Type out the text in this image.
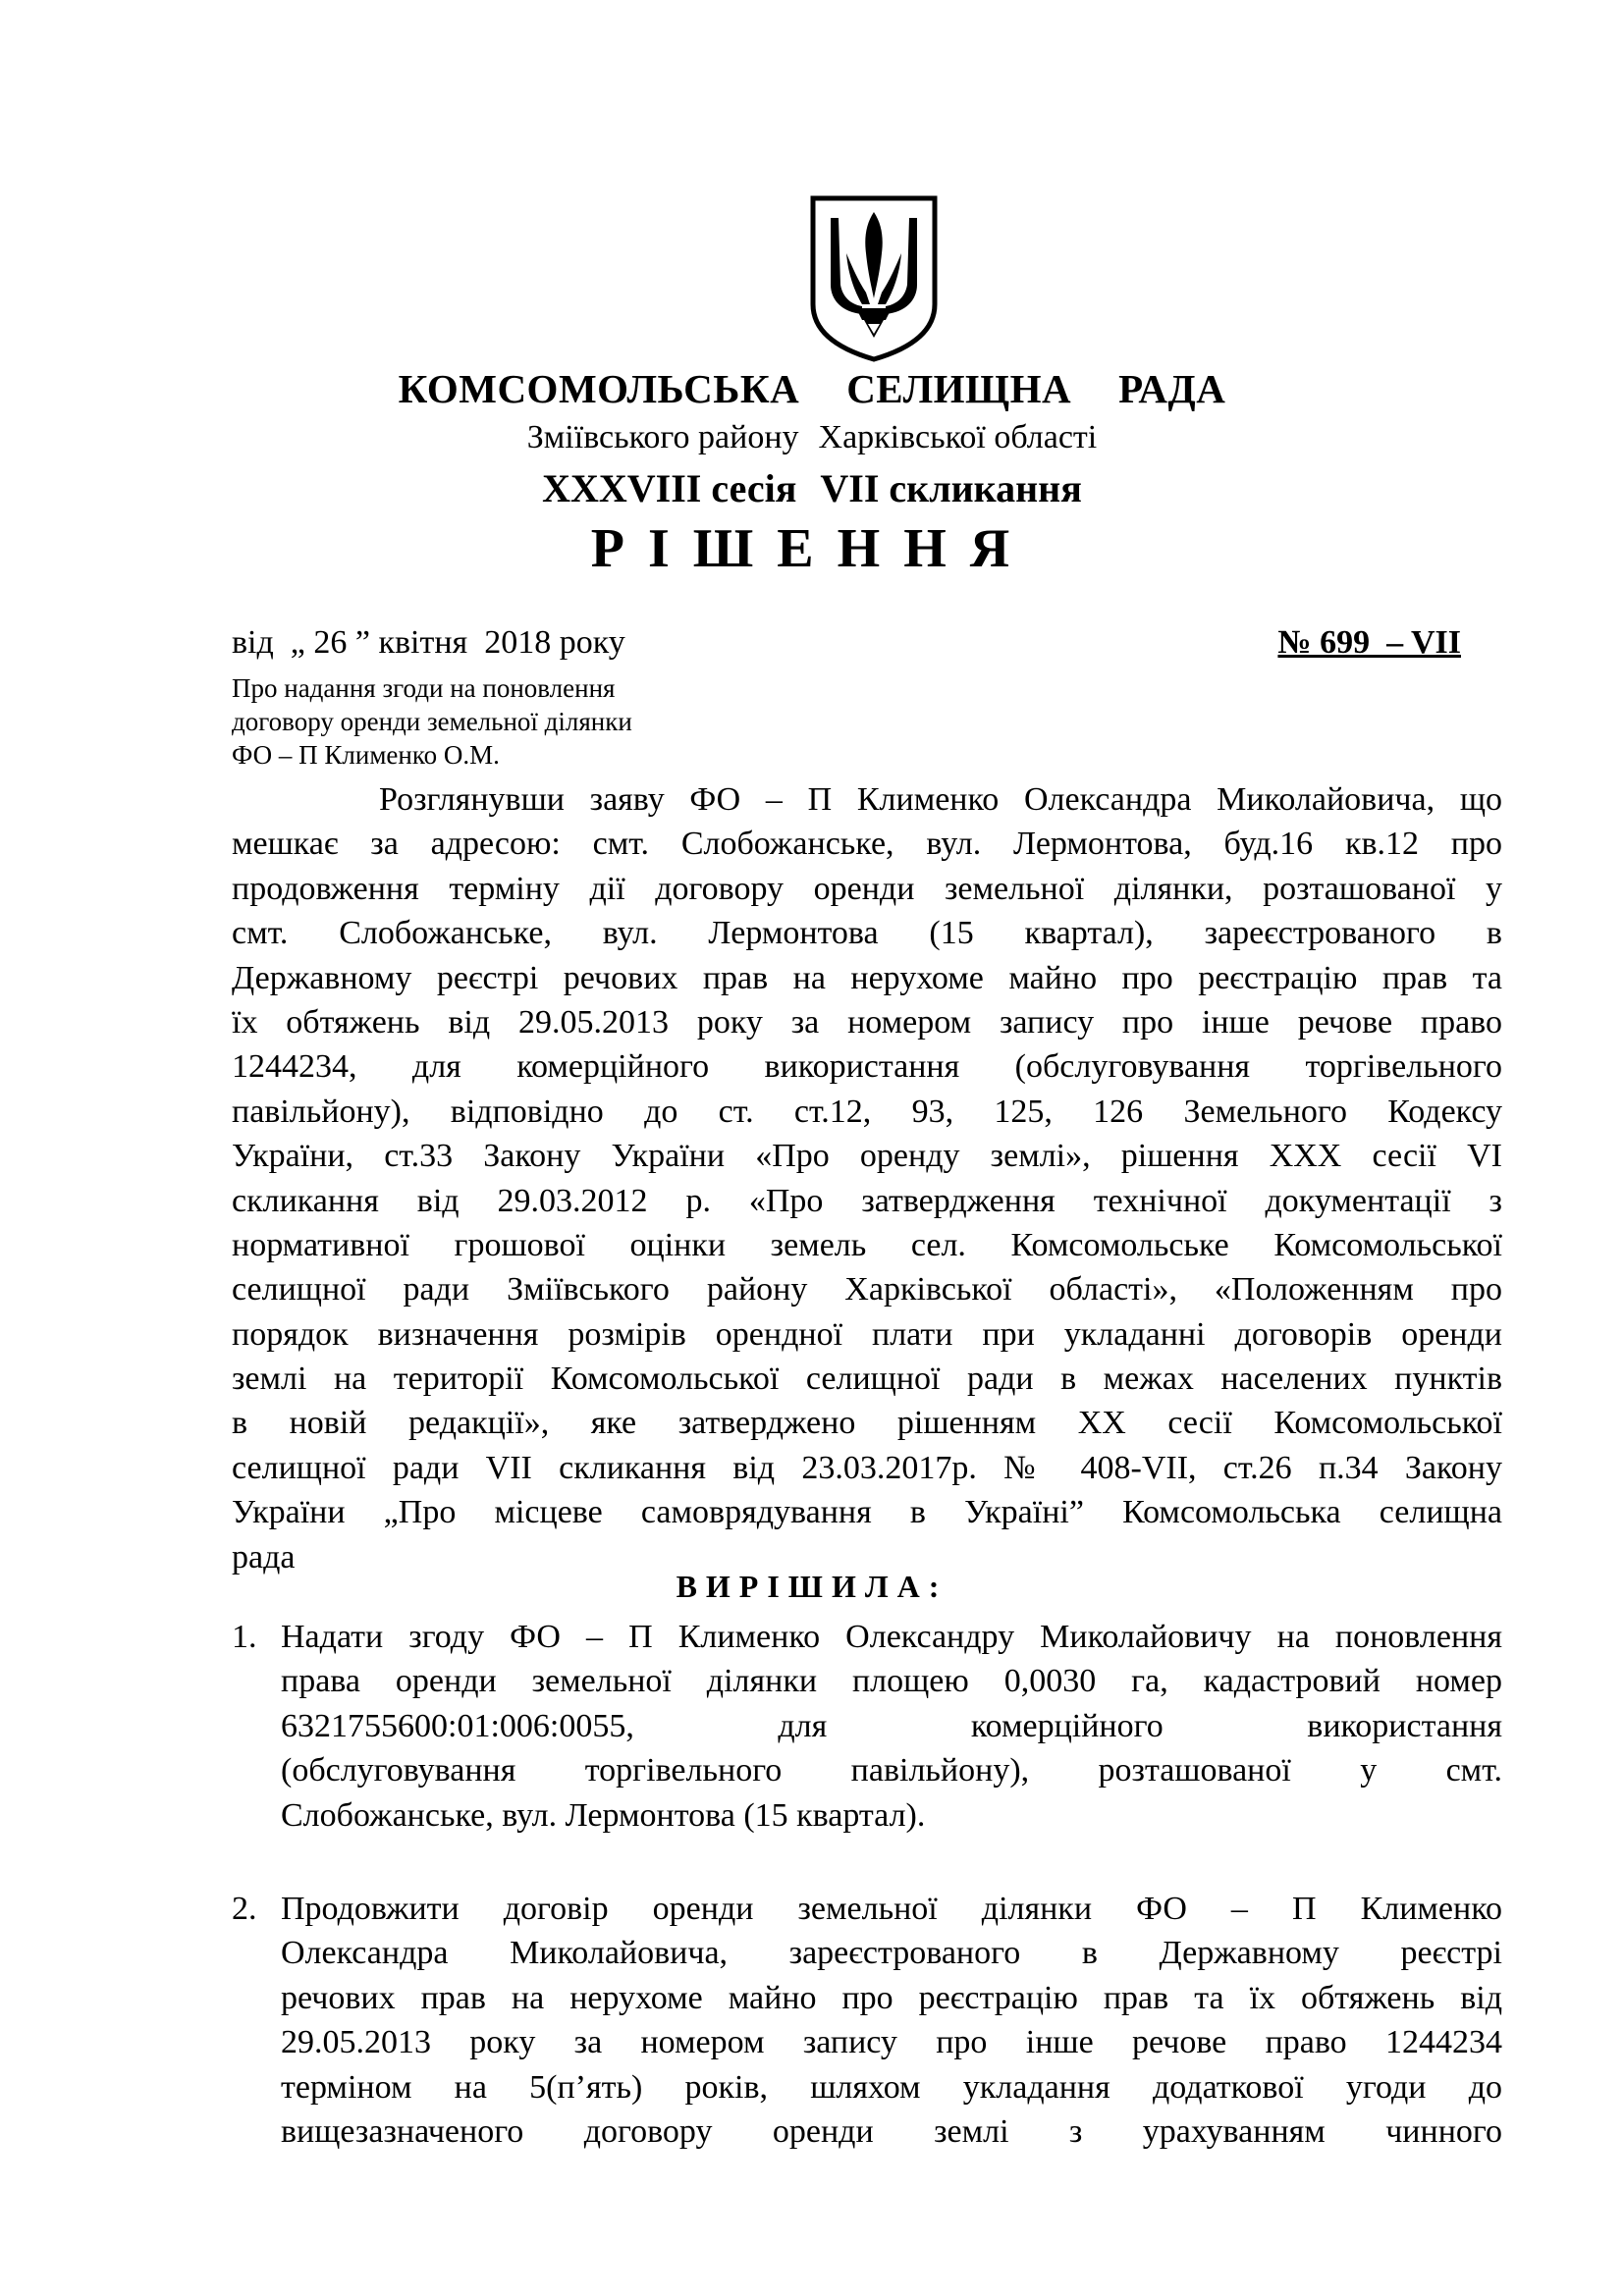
КОМСОМОЛЬСЬКА СЕЛИЩНА РАДА
Зміївського району Харківської області
XXXVIII сесія VII скликання
РІШЕННЯ
від  „ 26 ” квітня  2018 року	№ 699  – VII
Про надання згоди на поновлення
договору оренди земельної ділянки
ФО – П Клименко О.М.
Розглянувши заяву ФО – П Клименко Олександра Миколайовича, що
мешкає за адресою: смт. Слобожанське, вул. Лермонтова, буд.16 кв.12 про
продовження терміну дії договору оренди земельної ділянки, розташованої у
смт. Слобожанське, вул. Лермонтова (15 квартал), зареєстрованого в
Державному реєстрі речових прав на нерухоме майно про реєстрацію прав та
їх обтяжень від 29.05.2013 року за номером запису про інше речове право
1244234, для комерційного використання (обслуговування торгівельного
павільйону), відповідно до ст. ст.12, 93, 125, 126 Земельного Кодексу
України, ст.33 Закону України «Про оренду землі», рішення XXX сесії VI
скликання від 29.03.2012 р. «Про затвердження технічної документації з
нормативної грошової оцінки земель сел. Комсомольське Комсомольської
селищної ради Зміївського району Харківської області», «Положенням про
порядок визначення розмірів орендної плати при укладанні договорів оренди
землі на території Комсомольської селищної ради в межах населених пунктів
в новій редакції», яке затверджено рішенням XX сесії Комсомольської
селищної ради VII скликання від 23.03.2017р. № 408-VII, ст.26 п.34 Закону
України „Про місцеве самоврядування в Україні” Комсомольська селищна
рада
ВИРІШИЛА:
1. Надати згоду ФО – П Клименко Олександру Миколайовичу на поновлення
права оренди земельної ділянки площею 0,0030 га, кадастровий номер
6321755600:01:006:0055, для комерційного використання
(обслуговування торгівельного павільйону), розташованої у смт.
Слобожанське, вул. Лермонтова (15 квартал).
2. Продовжити договір оренди земельної ділянки ФО – П Клименко
Олександра Миколайовича, зареєстрованого в Державному реєстрі
речових прав на нерухоме майно про реєстрацію прав та їх обтяжень від
29.05.2013 року за номером запису про інше речове право 1244234
терміном на 5(п’ять) років, шляхом укладання додаткової угоди до
вищезазначеного договору оренди землі з урахуванням чинного
